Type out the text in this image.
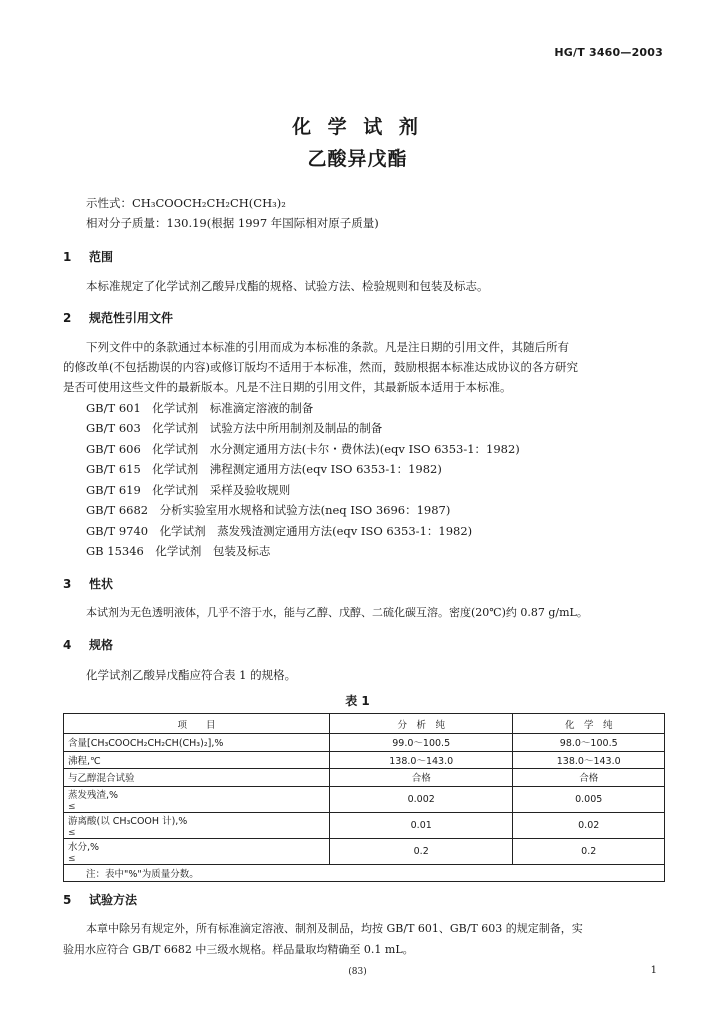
HG/T 3460—2003
化 学 试 剂
乙酸异戊酯
示性式：CH₃COOCH₂CH₂CH(CH₃)₂
相对分子质量：130.19(根据 1997 年国际相对原子质量)
1 范围
本标准规定了化学试剂乙酸异戊酯的规格、试验方法、检验规则和包装及标志。
2 规范性引用文件
下列文件中的条款通过本标准的引用而成为本标准的条款。凡是注日期的引用文件，其随后所有
的修改单(不包括勘误的内容)或修订版均不适用于本标准，然而，鼓励根据本标准达成协议的各方研究
是否可使用这些文件的最新版本。凡是不注日期的引用文件，其最新版本适用于本标准。
GB/T 601　化学试剂　标准滴定溶液的制备
GB/T 603　化学试剂　试验方法中所用制剂及制品的制备
GB/T 606　化学试剂　水分测定通用方法(卡尔・费休法)(eqv ISO 6353-1：1982)
GB/T 615　化学试剂　沸程测定通用方法(eqv ISO 6353-1：1982)
GB/T 619　化学试剂　采样及验收规则
GB/T 6682　分析实验室用水规格和试验方法(neq ISO 3696：1987)
GB/T 9740　化学试剂　蒸发残渣测定通用方法(eqv ISO 6353-1：1982)
GB 15346　化学试剂　包装及标志
3 性状
本试剂为无色透明液体，几乎不溶于水，能与乙醇、戊醇、二硫化碳互溶。密度(20℃)约 0.87 g/mL。
4 规格
化学试剂乙酸异戊酯应符合表 1 的规格。
表 1
项　　目	分　析　纯	化　学　纯
含量[CH₃COOCH₂CH₂CH(CH₃)₂],%	99.0～100.5	98.0～100.5
沸程,℃	138.0～143.0	138.0～143.0
与乙醇混合试验	合格	合格
蒸发残渣,%≤	0.002	0.005
游离酸(以 CH₃COOH 计),%≤	0.01	0.02
水分,%≤	0.2	0.2
注：表中"%"为质量分数。		
5 试验方法
本章中除另有规定外，所有标准滴定溶液、制剂及制品，均按 GB/T 601、GB/T 603 的规定制备，实
验用水应符合 GB/T 6682 中三级水规格。样品量取均精确至 0.1 mL。
(83)	1
